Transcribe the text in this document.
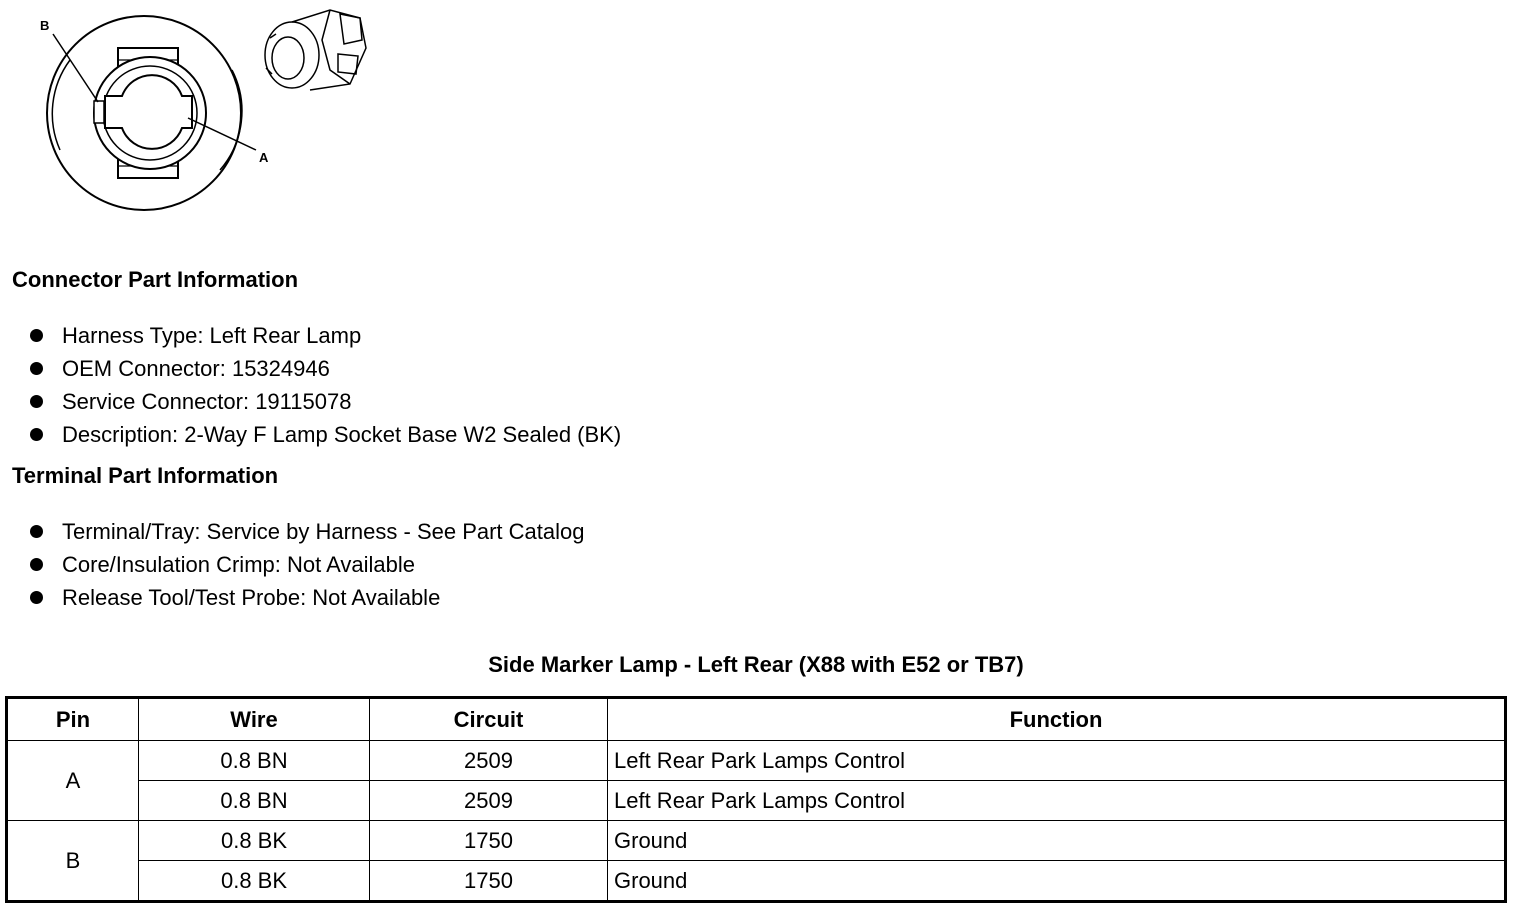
B
A
Connector Part Information
Harness Type: Left Rear Lamp
OEM Connector: 15324946
Service Connector: 19115078
Description: 2-Way F Lamp Socket Base W2 Sealed (BK)
Terminal Part Information
Terminal/Tray: Service by Harness - See Part Catalog
Core/Insulation Crimp: Not Available
Release Tool/Test Probe: Not Available
Side Marker Lamp - Left Rear (X88 with E52 or TB7)
Pin	Wire	Circuit	Function
A	0.8 BN	2509	Left Rear Park Lamps Control
	0.8 BN	2509	Left Rear Park Lamps Control
B	0.8 BK	1750	Ground
	0.8 BK	1750	Ground
